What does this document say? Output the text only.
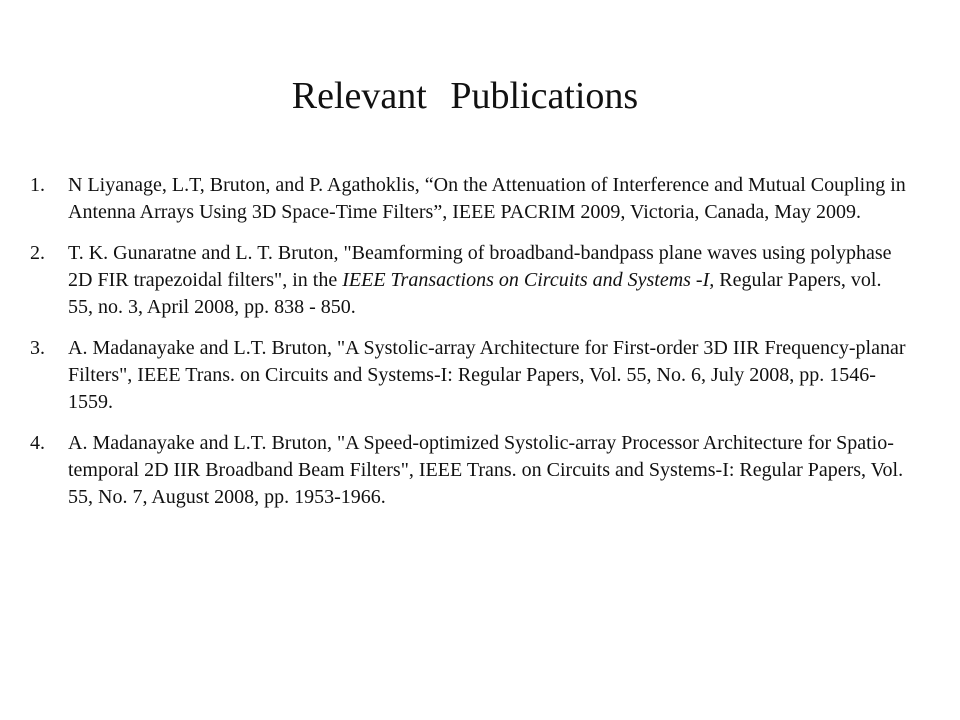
Relevant Publications
1.	N Liyanage, L.T, Bruton, and P. Agathoklis, “On the Attenuation of Interference and Mutual Coupling in Antenna Arrays Using 3D Space-Time Filters”, IEEE PACRIM 2009, Victoria, Canada, May 2009.
2.	T. K. Gunaratne and L. T. Bruton, "Beamforming of broadband-bandpass plane waves using polyphase 2D FIR trapezoidal filters", in the IEEE Transactions on Circuits and Systems -I, Regular Papers, vol. 55, no. 3, April 2008, pp. 838 - 850.
3.	A. Madanayake and L.T. Bruton, "A Systolic-array Architecture for First-order 3D IIR Frequency-planar Filters", IEEE Trans. on Circuits and Systems-I: Regular Papers, Vol. 55, No. 6, July 2008, pp. 1546-1559.
4.	A. Madanayake and L.T. Bruton, "A Speed-optimized Systolic-array Processor Architecture for Spatio-temporal 2D IIR Broadband Beam Filters", IEEE Trans. on Circuits and Systems-I: Regular Papers, Vol. 55, No. 7, August 2008, pp. 1953-1966.
